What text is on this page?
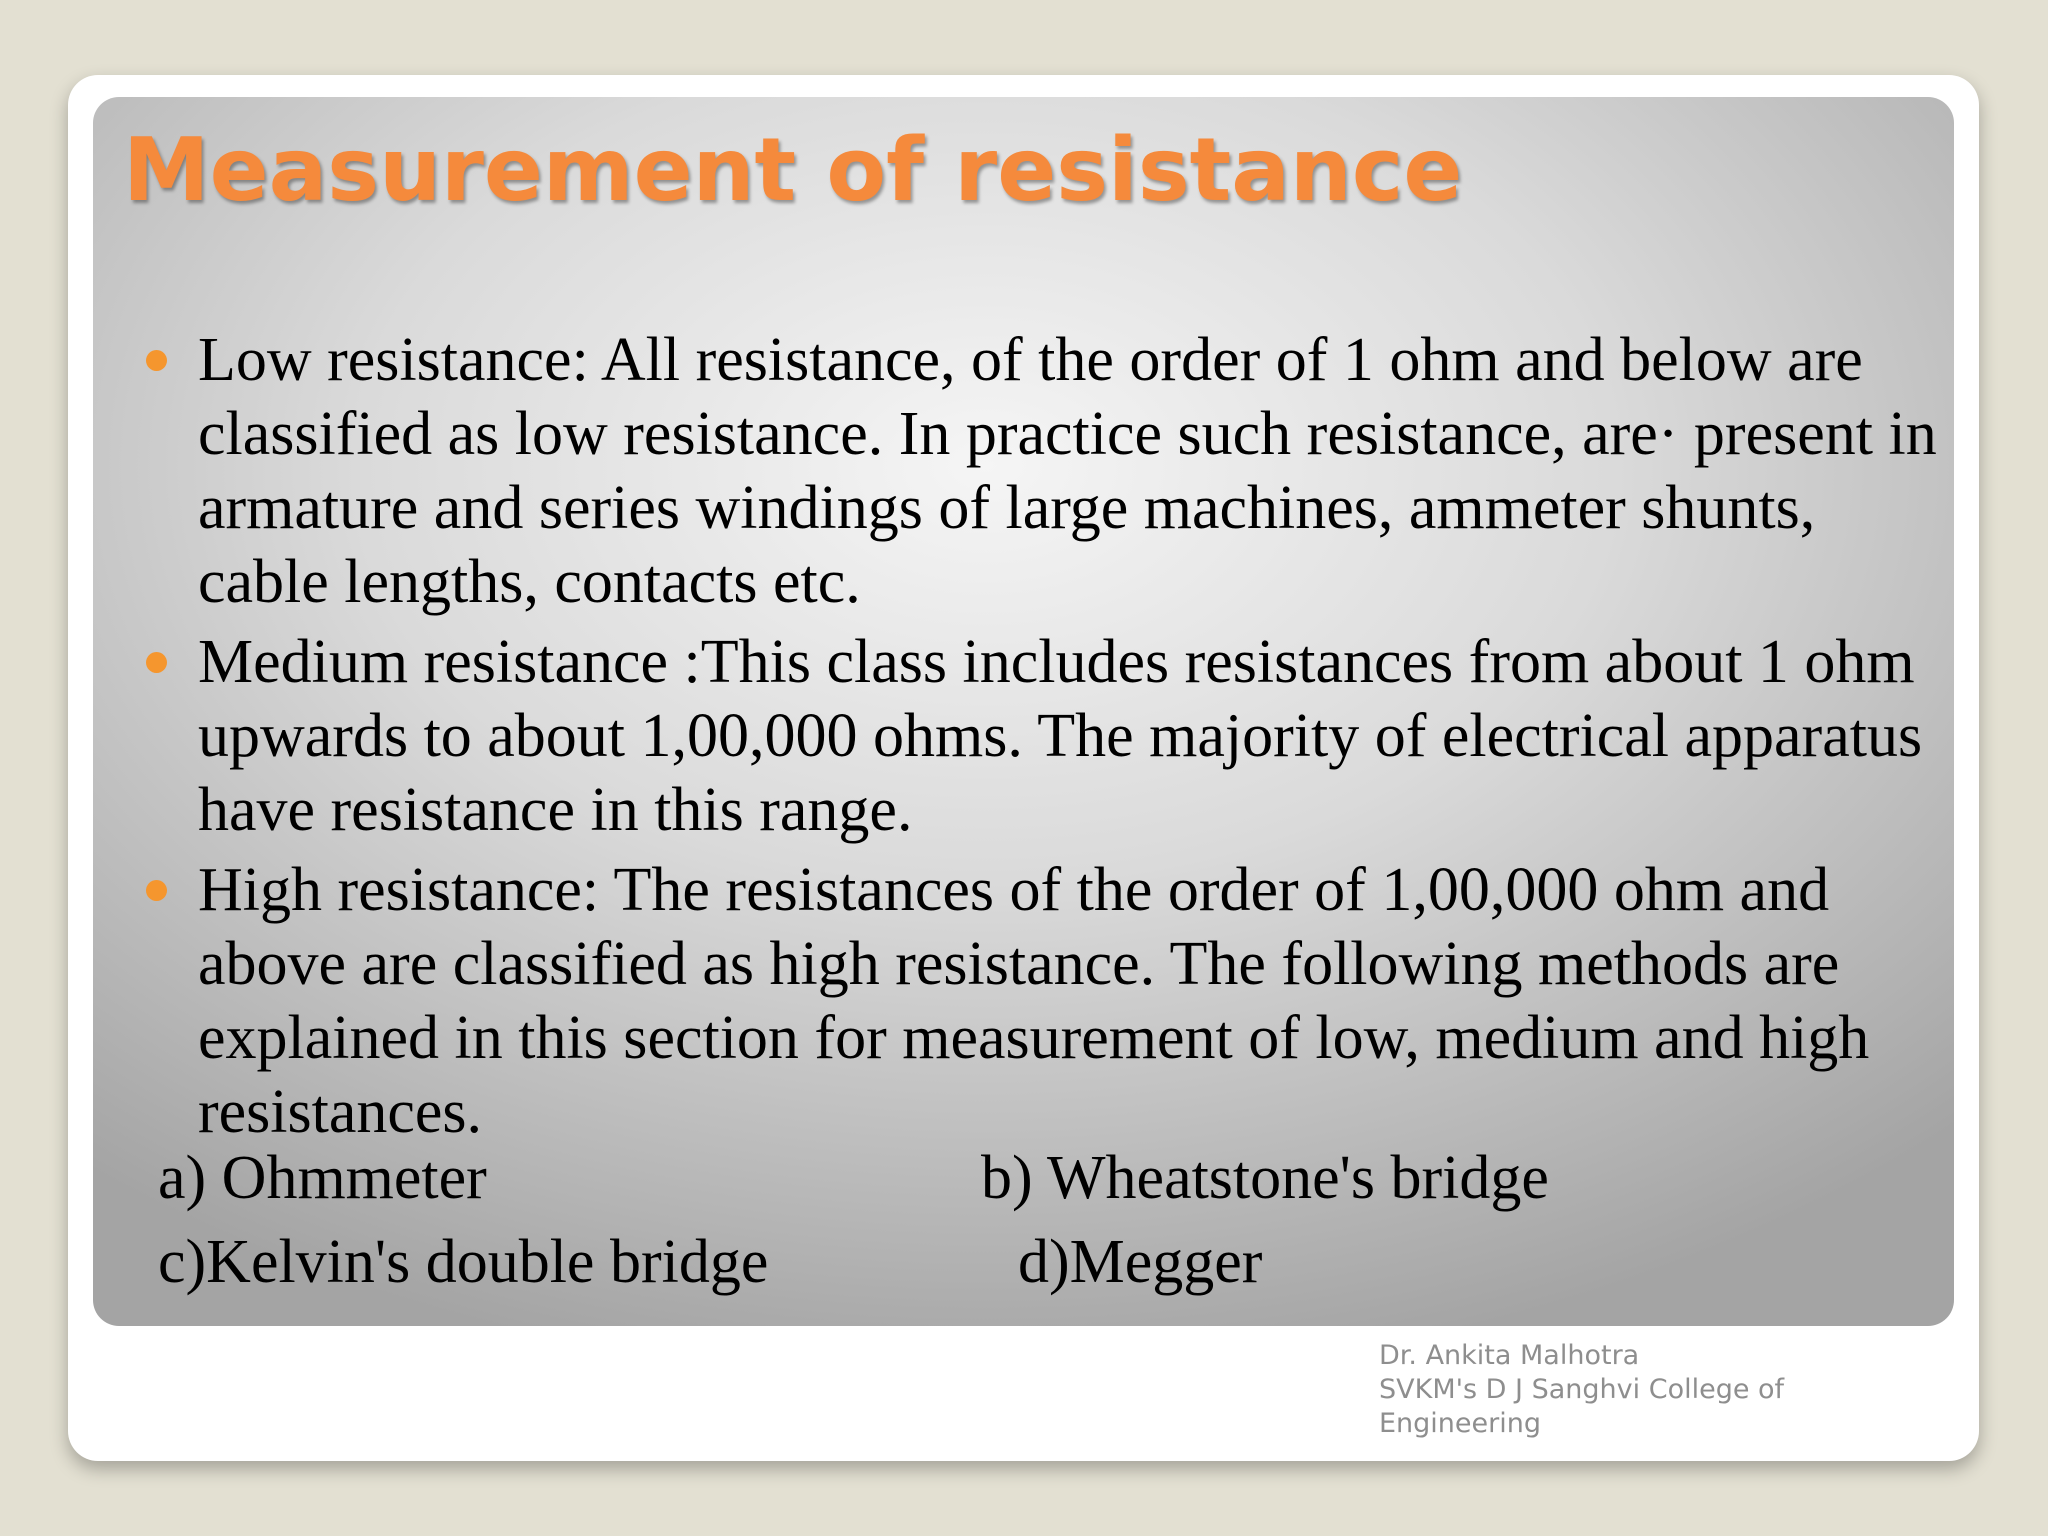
Measurement of resistance
Low resistance: All resistance, of the order of 1 ohm and below are classified as low resistance. In practice such resistance, are· present in armature and series windings of large machines, ammeter shunts, cable lengths, contacts etc.
Medium resistance :This class includes resistances from about 1 ohm upwards to about 1,00,000 ohms. The majority of electrical apparatus have resistance in this range.
High resistance: The resistances of the order of 1,00,000 ohm and above are classified as high resistance. The following methods are explained in this section for measurement of low, medium and high resistances.
a) Ohmmeter	b) Wheatstone's bridge
c)Kelvin's double bridge	d)Megger
Dr. Ankita Malhotra
SVKM's D J Sanghvi College of
Engineering
